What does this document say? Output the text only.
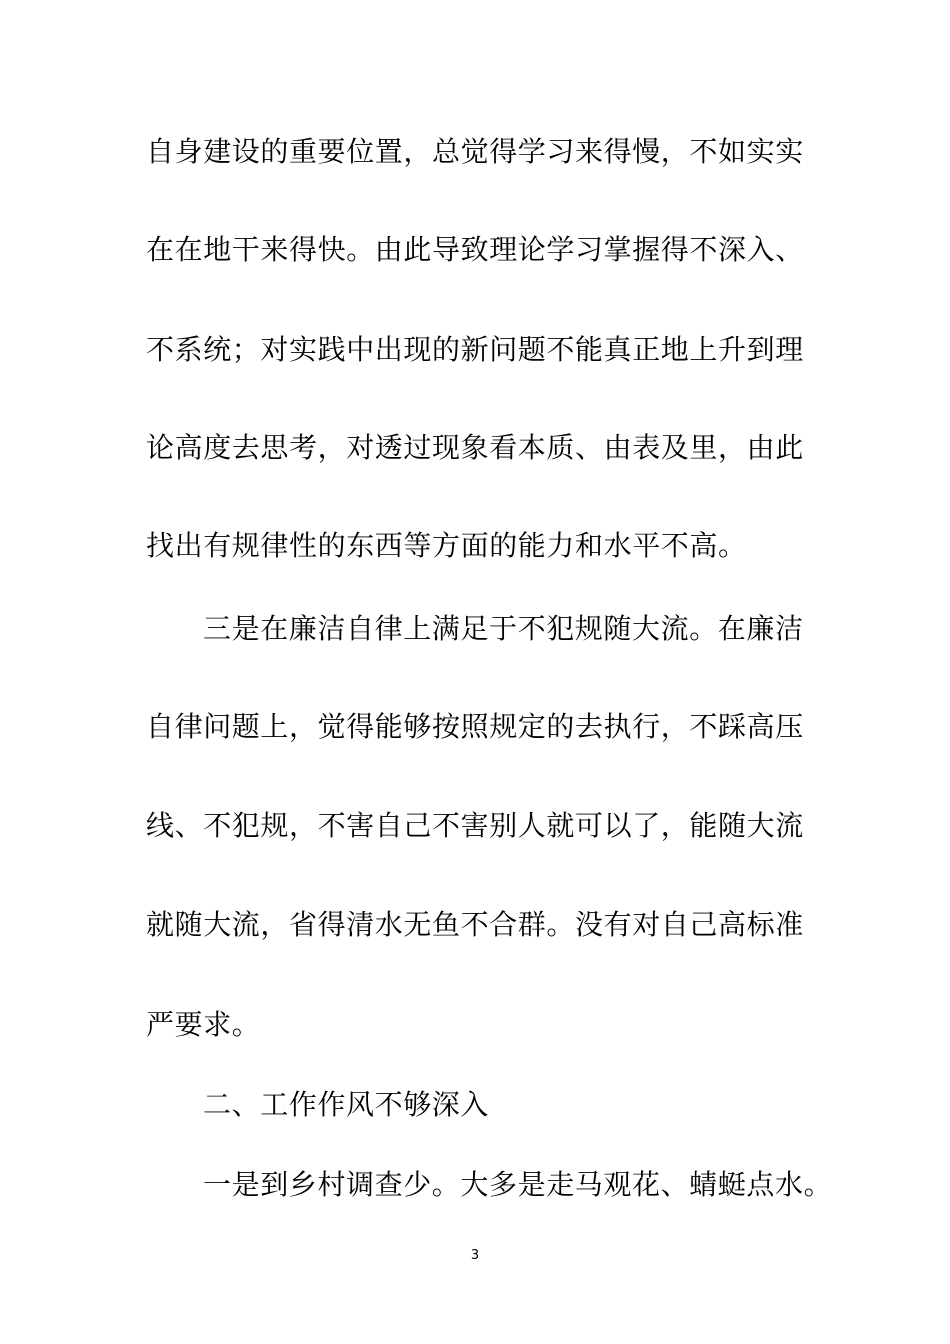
自身建设的重要位置，总觉得学习来得慢，不如实实

在在地干来得快。由此导致理论学习掌握得不深入、

不系统；对实践中出现的新问题不能真正地上升到理

论高度去思考，对透过现象看本质、由表及里，由此

找出有规律性的东西等方面的能力和水平不高。

三是在廉洁自律上满足于不犯规随大流。在廉洁

自律问题上，觉得能够按照规定的去执行，不踩高压

线、不犯规，不害自己不害别人就可以了，能随大流

就随大流，省得清水无鱼不合群。没有对自己高标准

严要求。

二、工作作风不够深入

一是到乡村调查少。大多是走马观花、蜻蜓点水。

3
